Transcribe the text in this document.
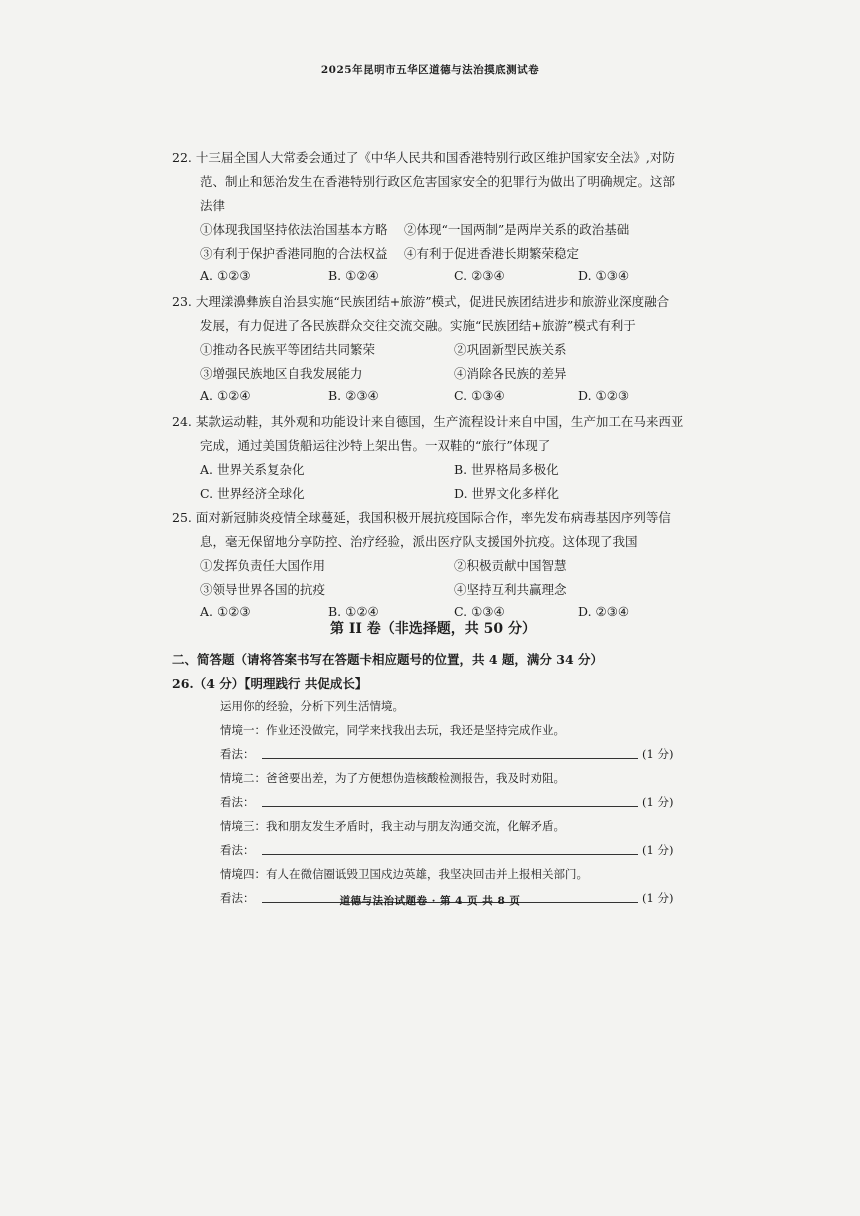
2025年昆明市五华区道德与法治摸底测试卷
22. 十三届全国人大常委会通过了《中华人民共和国香港特别行政区维护国家安全法》,对防
范、制止和惩治发生在香港特别行政区危害国家安全的犯罪行为做出了明确规定。这部
法律
①体现我国坚持依法治国基本方略 ②体现“一国两制”是两岸关系的政治基础
③有利于保护香港同胞的合法权益 ④有利于促进香港长期繁荣稳定
A. ①②③	B. ①②④	C. ②③④	D. ①③④
23. 大理漾濞彝族自治县实施“民族团结+旅游”模式，促进民族团结进步和旅游业深度融合
发展，有力促进了各民族群众交往交流交融。实施“民族团结+旅游”模式有利于
①推动各民族平等团结共同繁荣	②巩固新型民族关系
③增强民族地区自我发展能力	④消除各民族的差异
A. ①②④	B. ②③④	C. ①③④	D. ①②③
24. 某款运动鞋，其外观和功能设计来自德国，生产流程设计来自中国，生产加工在马来西亚
完成，通过美国货船运往沙特上架出售。一双鞋的“旅行”体现了
A. 世界关系复杂化	B. 世界格局多极化
C. 世界经济全球化	D. 世界文化多样化
25. 面对新冠肺炎疫情全球蔓延，我国积极开展抗疫国际合作，率先发布病毒基因序列等信
息，毫无保留地分享防控、治疗经验，派出医疗队支援国外抗疫。这体现了我国
①发挥负责任大国作用	②积极贡献中国智慧
③领导世界各国的抗疫	④坚持互利共赢理念
A. ①②③	B. ①②④	C. ①③④	D. ②③④
第 II 卷（非选择题，共 50 分）
二、简答题（请将答案书写在答题卡相应题号的位置，共 4 题，满分 34 分）
26.（4 分）【明理践行 共促成长】
运用你的经验，分析下列生活情境。
情境一：作业还没做完，同学来找我出去玩，我还是坚持完成作业。
看法：	(1 分)
情境二：爸爸要出差，为了方便想伪造核酸检测报告，我及时劝阻。
看法：	(1 分)
情境三：我和朋友发生矛盾时，我主动与朋友沟通交流，化解矛盾。
看法：	(1 分)
情境四：有人在微信圈诋毁卫国戍边英雄，我坚决回击并上报相关部门。
看法：	(1 分)
道德与法治试题卷 · 第 4 页 共 8 页
